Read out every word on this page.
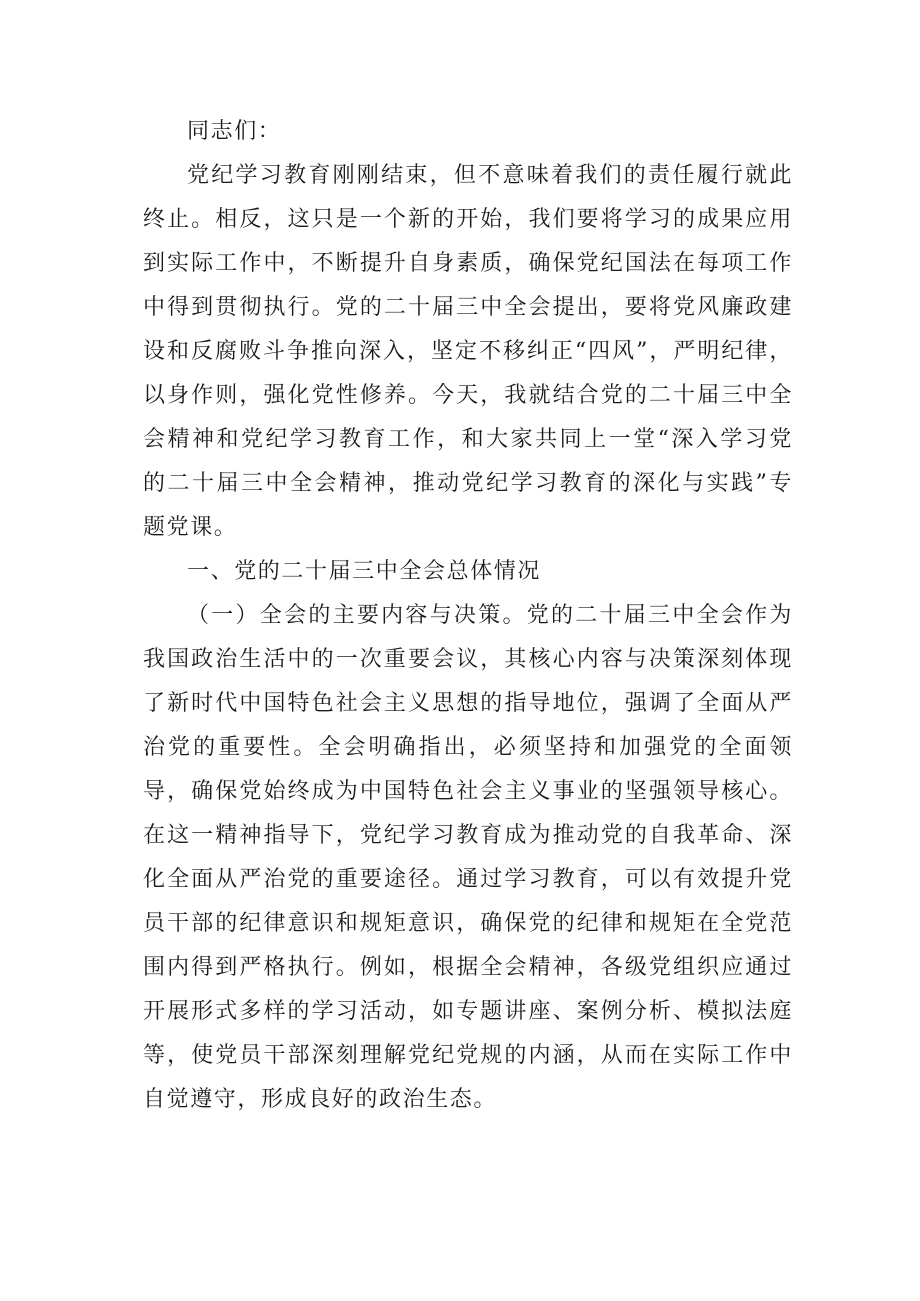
同志们：

党纪学习教育刚刚结束，但不意味着我们的责任履行就此终止。相反，这只是一个新的开始，我们要将学习的成果应用到实际工作中，不断提升自身素质，确保党纪国法在每项工作中得到贯彻执行。党的二十届三中全会提出，要将党风廉政建设和反腐败斗争推向深入，坚定不移纠正“四风”，严明纪律，以身作则，强化党性修养。今天，我就结合党的二十届三中全会精神和党纪学习教育工作，和大家共同上一堂“深入学习党的二十届三中全会精神，推动党纪学习教育的深化与实践”专题党课。

一、党的二十届三中全会总体情况

（一）全会的主要内容与决策。党的二十届三中全会作为我国政治生活中的一次重要会议，其核心内容与决策深刻体现了新时代中国特色社会主义思想的指导地位，强调了全面从严治党的重要性。全会明确指出，必须坚持和加强党的全面领导，确保党始终成为中国特色社会主义事业的坚强领导核心。在这一精神指导下，党纪学习教育成为推动党的自我革命、深化全面从严治党的重要途径。通过学习教育，可以有效提升党员干部的纪律意识和规矩意识，确保党的纪律和规矩在全党范围内得到严格执行。例如，根据全会精神，各级党组织应通过开展形式多样的学习活动，如专题讲座、案例分析、模拟法庭等，使党员干部深刻理解党纪党规的内涵，从而在实际工作中自觉遵守，形成良好的政治生态。
